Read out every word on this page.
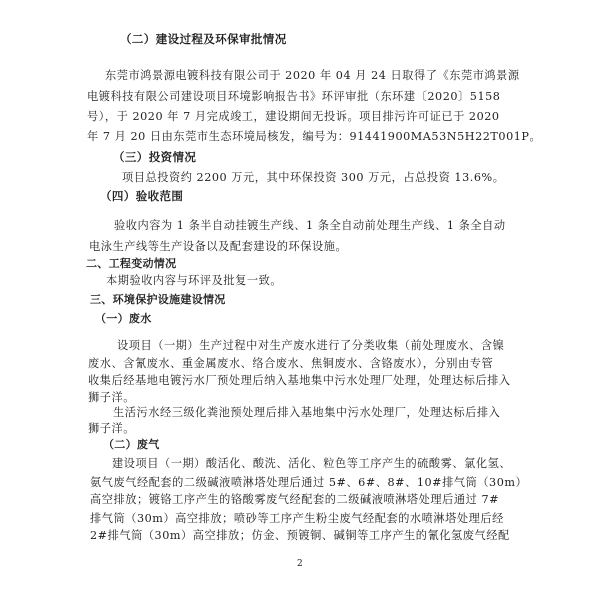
（二）建设过程及环保审批情况
东莞市鸿景源电镀科技有限公司于 2020 年 04 月 24 日取得了《东莞市鸿景源
电镀科技有限公司建设项目环境影响报告书》环评审批（东环建〔2020〕5158
号），于 2020 年 7 月完成竣工，建设期间无投诉。项目排污许可证已于 2020
年 7 月 20 日由东莞市生态环境局核发，编号为：91441900MA53N5H22T001P。
（三）投资情况
项目总投资约 2200 万元，其中环保投资 300 万元，占总投资 13.6%。
（四）验收范围
验收内容为 1 条半自动挂镀生产线、1 条全自动前处理生产线、1 条全自动
电泳生产线等生产设备以及配套建设的环保设施。
二、工程变动情况
本期验收内容与环评及批复一致。
三、环境保护设施建设情况
（一）废水
设项目（一期）生产过程中对生产废水进行了分类收集（前处理废水、含镍
废水、含氰废水、重金属废水、络合废水、焦铜废水、含铬废水），分别由专管
收集后经基地电镀污水厂预处理后纳入基地集中污水处理厂处理，处理达标后排入
狮子洋。
生活污水经三级化粪池预处理后排入基地集中污水处理厂，处理达标后排入
狮子洋。
（二）废气
建设项目（一期）酸活化、酸洗、活化、粒色等工序产生的硫酸雾、氯化氢、
氨气废气经配套的二级碱液喷淋塔处理后通过 5#、6#、8#、10#排气筒（30m）
高空排放；镀铬工序产生的铬酸雾废气经配套的二级碱液喷淋塔处理后通过 7#
排气筒（30m）高空排放；喷砂等工序产生粉尘废气经配套的水喷淋塔处理后经
2#排气筒（30m）高空排放；仿金、预镀铜、碱铜等工序产生的氰化氢废气经配
2
